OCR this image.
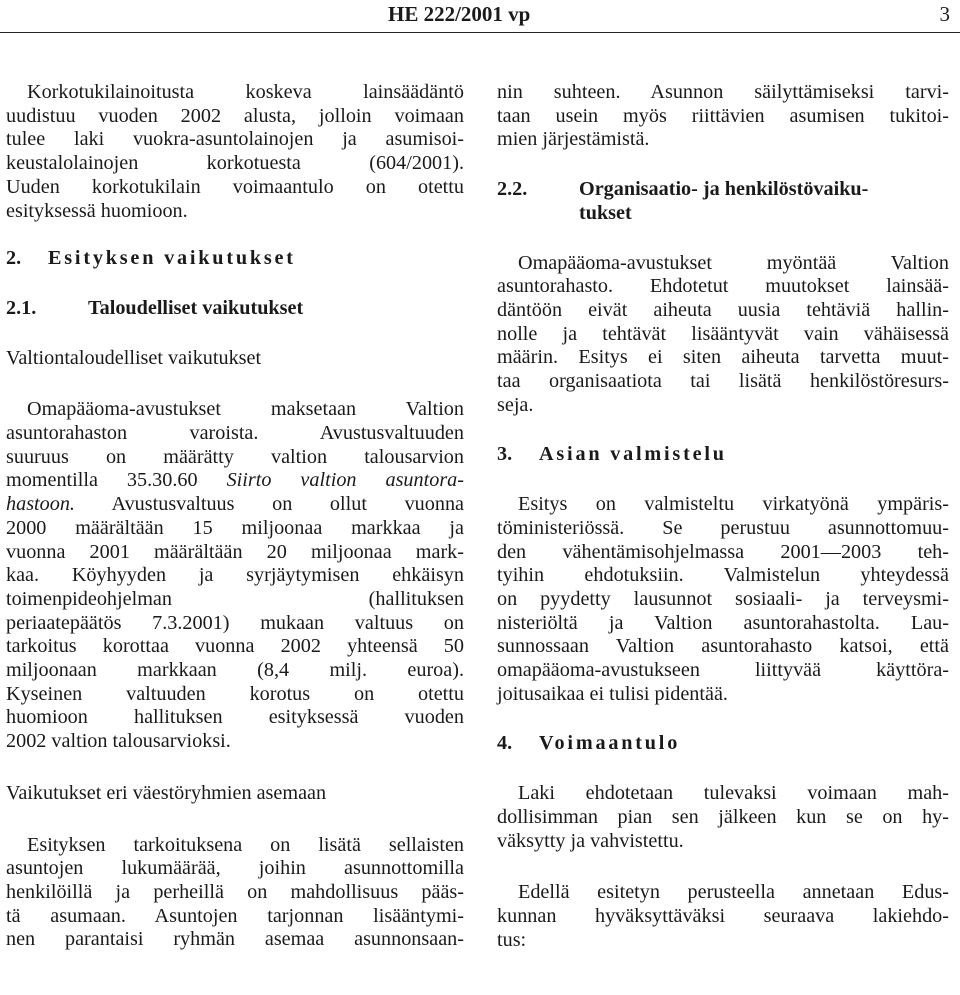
HE 222/2001 vp	3

Korkotukilainoitusta koskeva lainsäädäntö

uudistuu vuoden 2002 alusta, jolloin voimaan

tulee laki vuokra-asuntolainojen ja asumisoi-

keustalolainojen korkotuesta (604/2001).

Uuden korkotukilain voimaantulo on otettu

esityksessä huomioon.

2.	Esityksen vaikutukset
2.1.	Taloudelliset vaikutukset

Valtiontaloudelliset vaikutukset

Omapääoma-avustukset maksetaan Valtion

asuntorahaston varoista. Avustusvaltuuden

suuruus on määrätty valtion talousarvion

momentilla 35.30.60 Siirto valtion asuntora-

hastoon. Avustusvaltuus on ollut vuonna

2000 määrältään 15 miljoonaa markkaa ja

vuonna 2001 määrältään 20 miljoonaa mark-

kaa. Köyhyyden ja syrjäytymisen ehkäisyn

toimenpideohjelman (hallituksen

periaatepäätös 7.3.2001) mukaan valtuus on

tarkoitus korottaa vuonna 2002 yhteensä 50

miljoonaan markkaan (8,4 milj. euroa).

Kyseinen valtuuden korotus on otettu

huomioon hallituksen esityksessä vuoden

2002 valtion talousarvioksi.

Vaikutukset eri väestöryhmien asemaan

Esityksen tarkoituksena on lisätä sellaisten

asuntojen lukumäärää, joihin asunnottomilla

henkilöillä ja perheillä on mahdollisuus pääs-

tä asumaan. Asuntojen tarjonnan lisääntymi-

nen parantaisi ryhmän asemaa asunnonsaan-

nin suhteen. Asunnon säilyttämiseksi tarvi-

taan usein myös riittävien asumisen tukitoi-

mien järjestämistä.

2.2.	Organisaatio- ja henkilöstövaiku-
tukset

Omapääoma-avustukset myöntää Valtion

asuntorahasto. Ehdotetut muutokset lainsää-

däntöön eivät aiheuta uusia tehtäviä hallin-

nolle ja tehtävät lisääntyvät vain vähäisessä

määrin. Esitys ei siten aiheuta tarvetta muut-

taa organisaatiota tai lisätä henkilöstöresurs-

seja.

3.	Asian valmistelu

Esitys on valmisteltu virkatyönä ympäris-

töministeriössä. Se perustuu asunnottomuu-

den vähentämisohjelmassa 2001—2003 teh-

tyihin ehdotuksiin. Valmistelun yhteydessä

on pyydetty lausunnot sosiaali- ja terveysmi-

nisteriöltä ja Valtion asuntorahastolta. Lau-

sunnossaan Valtion asuntorahasto katsoi, että

omapääoma-avustukseen liittyvää käyttöra-

joitusaikaa ei tulisi pidentää.

4.	Voimaantulo

Laki ehdotetaan tulevaksi voimaan mah-

dollisimman pian sen jälkeen kun se on hy-

väksytty ja vahvistettu.

Edellä esitetyn perusteella annetaan Edus-

kunnan hyväksyttäväksi seuraava lakiehdo-

tus:
